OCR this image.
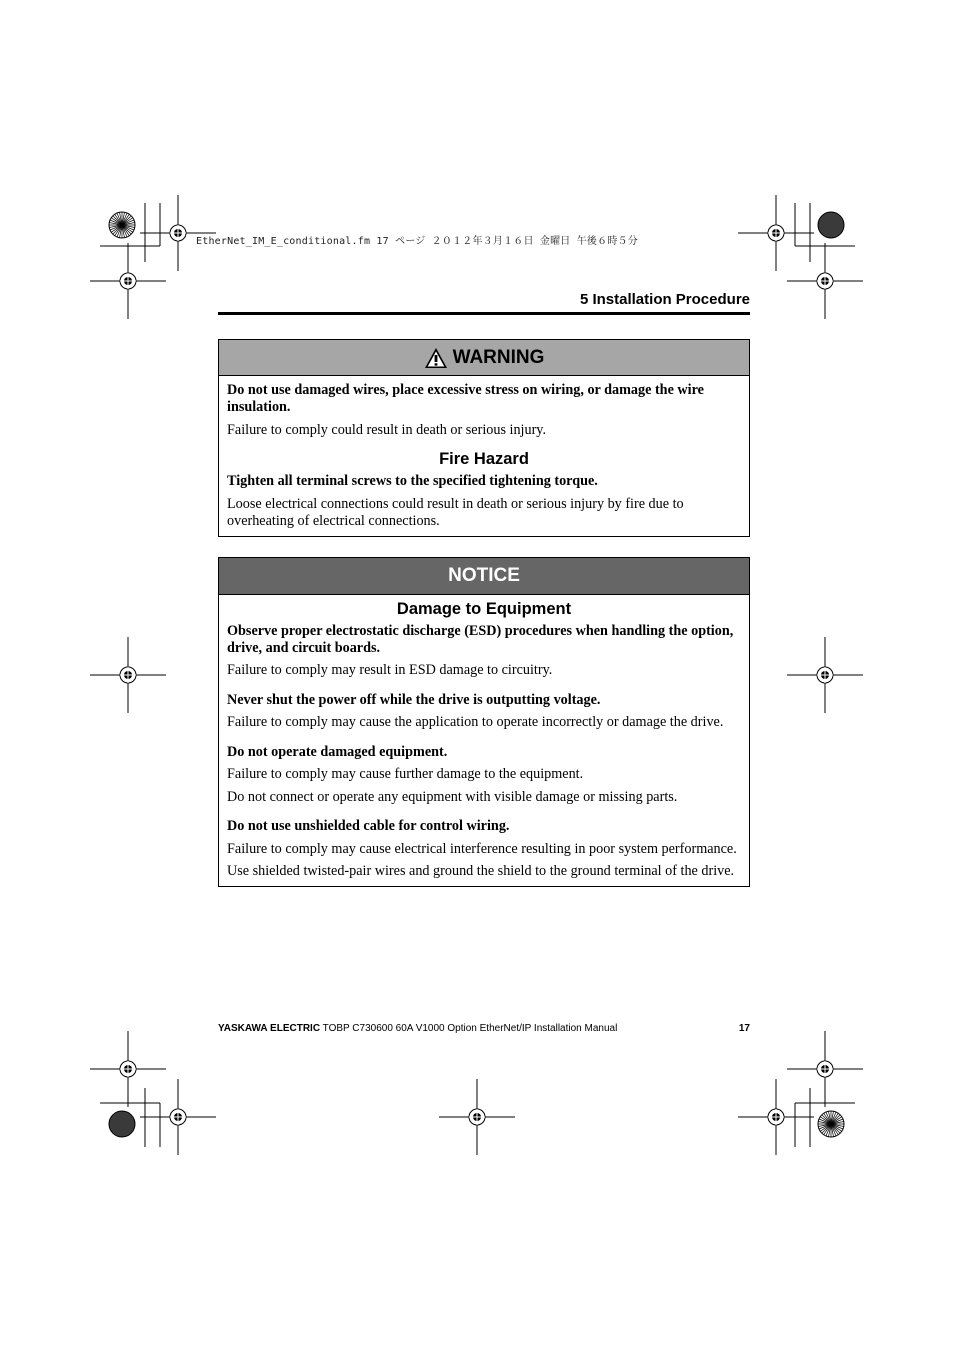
EtherNet_IM_E_conditional.fm 17 ページ ２０１２年３月１６日 金曜日 午後６時５分
5 Installation Procedure
WARNING

Do not use damaged wires, place excessive stress on wiring, or damage the wire insulation.

Failure to comply could result in death or serious injury.

Fire Hazard

Tighten all terminal screws to the specified tightening torque.

Loose electrical connections could result in death or serious injury by fire due to overheating of electrical connections.

NOTICE

Damage to Equipment

Observe proper electrostatic discharge (ESD) procedures when handling the option, drive, and circuit boards.

Failure to comply may result in ESD damage to circuitry.

Never shut the power off while the drive is outputting voltage.

Failure to comply may cause the application to operate incorrectly or damage the drive.

Do not operate damaged equipment.

Failure to comply may cause further damage to the equipment.

Do not connect or operate any equipment with visible damage or missing parts.

Do not use unshielded cable for control wiring.

Failure to comply may cause electrical interference resulting in poor system performance.

Use shielded twisted-pair wires and ground the shield to the ground terminal of the drive.

YASKAWA ELECTRIC TOBP C730600 60A V1000 Option EtherNet/IP Installation Manual	17
